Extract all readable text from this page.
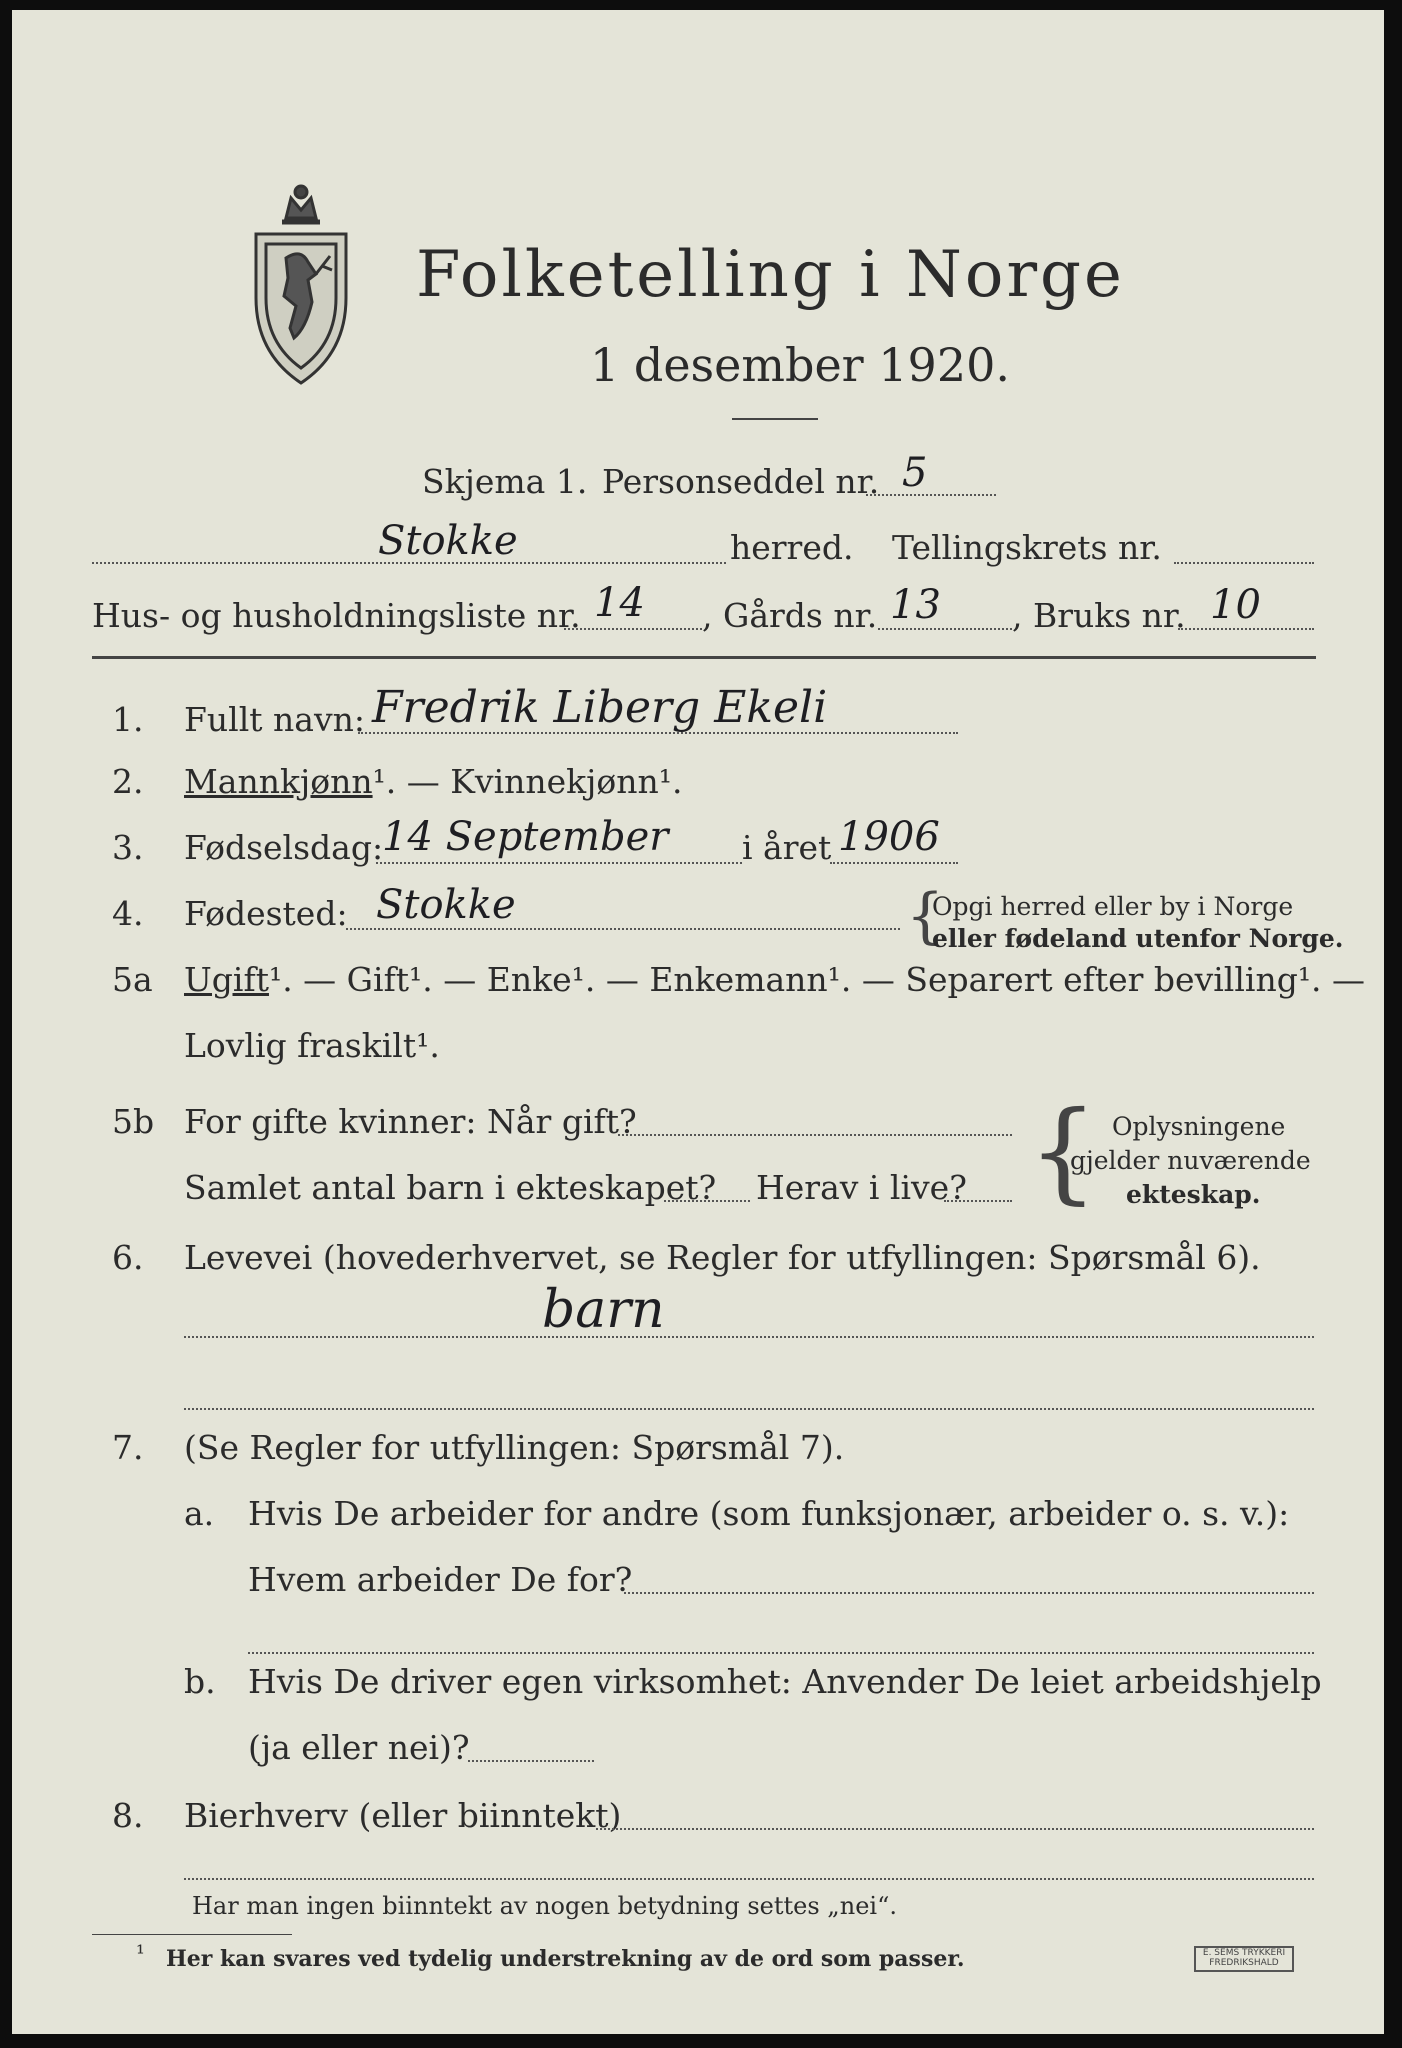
Folketelling i Norge
1 desember 1920.
Skjema 1. Personseddel nr. 5
Stokke	herred. Tellingskrets nr.
Hus- og husholdningsliste nr. 14 , Gårds nr. 13 , Bruks nr. 10
1. Fullt navn: Fredrik Liberg Ekeli
2. Mannkjønn¹. — Kvinnekjønn¹.
3. Fødselsdag:
14 September i året 1906
4. Fødested: Stokke	{
Opgi herred eller by i Norge
eller fødeland utenfor Norge.
5a Ugift¹. — Gift¹. — Enke¹. — Enkemann¹. — Separert efter bevilling¹. —
Lovlig fraskilt¹.
5b For gifte kvinner: Når gift?
Samlet antal barn i ekteskapet? Herav i live? { Oplysningene
gjelder nuværende
ekteskap.
6. Levevei (hovederhvervet, se Regler for utfyllingen: Spørsmål 6).
barn
7. (Se Regler for utfyllingen: Spørsmål 7).
a. Hvis De arbeider for andre (som funksjonær, arbeider o. s. v.):
Hvem arbeider De for?
b. Hvis De driver egen virksomhet: Anvender De leiet arbeidshjelp
(ja eller nei)?
8. Bierhverv (eller biinntekt)
Har man ingen biinntekt av nogen betydning settes „nei“.
¹ Her kan svares ved tydelig understrekning av de ord som passer.	E. SEMS TRYKKERI
FREDRIKSHALD
